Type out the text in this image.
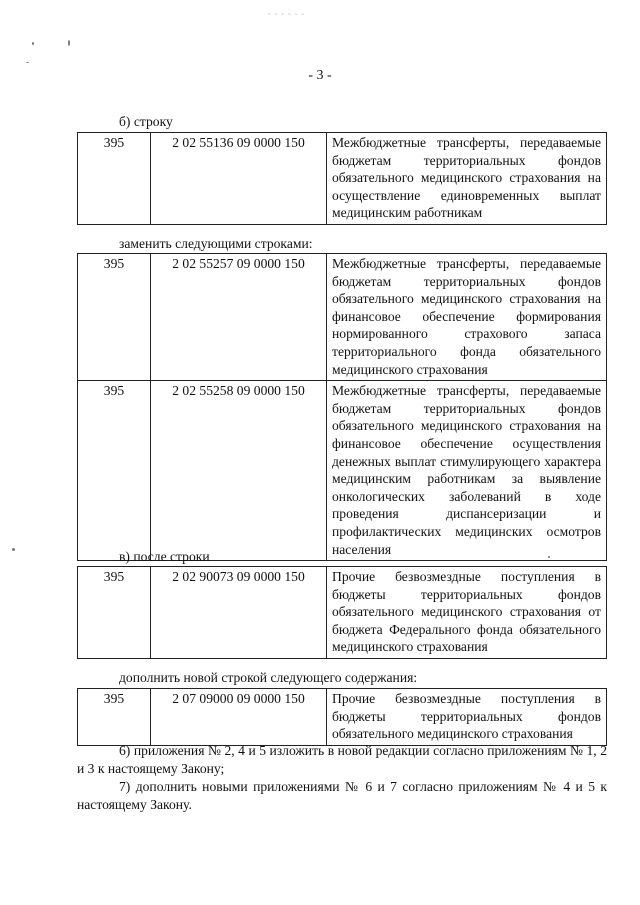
˜ ˜ ˜ ˜ ˜ ˜
- 3 -
б) строку
395	2 02 55136 09 0000 150	Межбюджетные трансферты, передаваемые бюджетам территориальных фондов обязательного медицинского страхования на осуществление единовременных выплат медицинским работникам
заменить следующими строками:
395	2 02 55257 09 0000 150	Межбюджетные трансферты, передаваемые бюджетам территориальных фондов обязательного медицинского страхования на финансовое обеспечение формирования нормированного страхового запаса территориального фонда обязательного медицинского страхования
395	2 02 55258 09 0000 150	Межбюджетные трансферты, передаваемые бюджетам территориальных фондов обязательного медицинского страхования на финансовое обеспечение осуществления денежных выплат стимулирующего характера медицинским работникам за выявление онкологических заболеваний в ходе проведения диспансеризации и профилактических медицинских осмотров населения
в) после строки
395	2 02 90073 09 0000 150	Прочие безвозмездные поступления в бюджеты территориальных фондов обязательного медицинского страхования от бюджета Федерального фонда обязательного медицинского страхования
дополнить новой строкой следующего содержания:
395	2 07 09000 09 0000 150	Прочие безвозмездные поступления в бюджеты территориальных фондов обязательного медицинского страхования
6) приложения № 2, 4 и 5 изложить в новой редакции согласно приложениям № 1, 2 и 3 к настоящему Закону;
7) дополнить новыми приложениями № 6 и 7 согласно приложениям № 4 и 5 к настоящему Закону.
